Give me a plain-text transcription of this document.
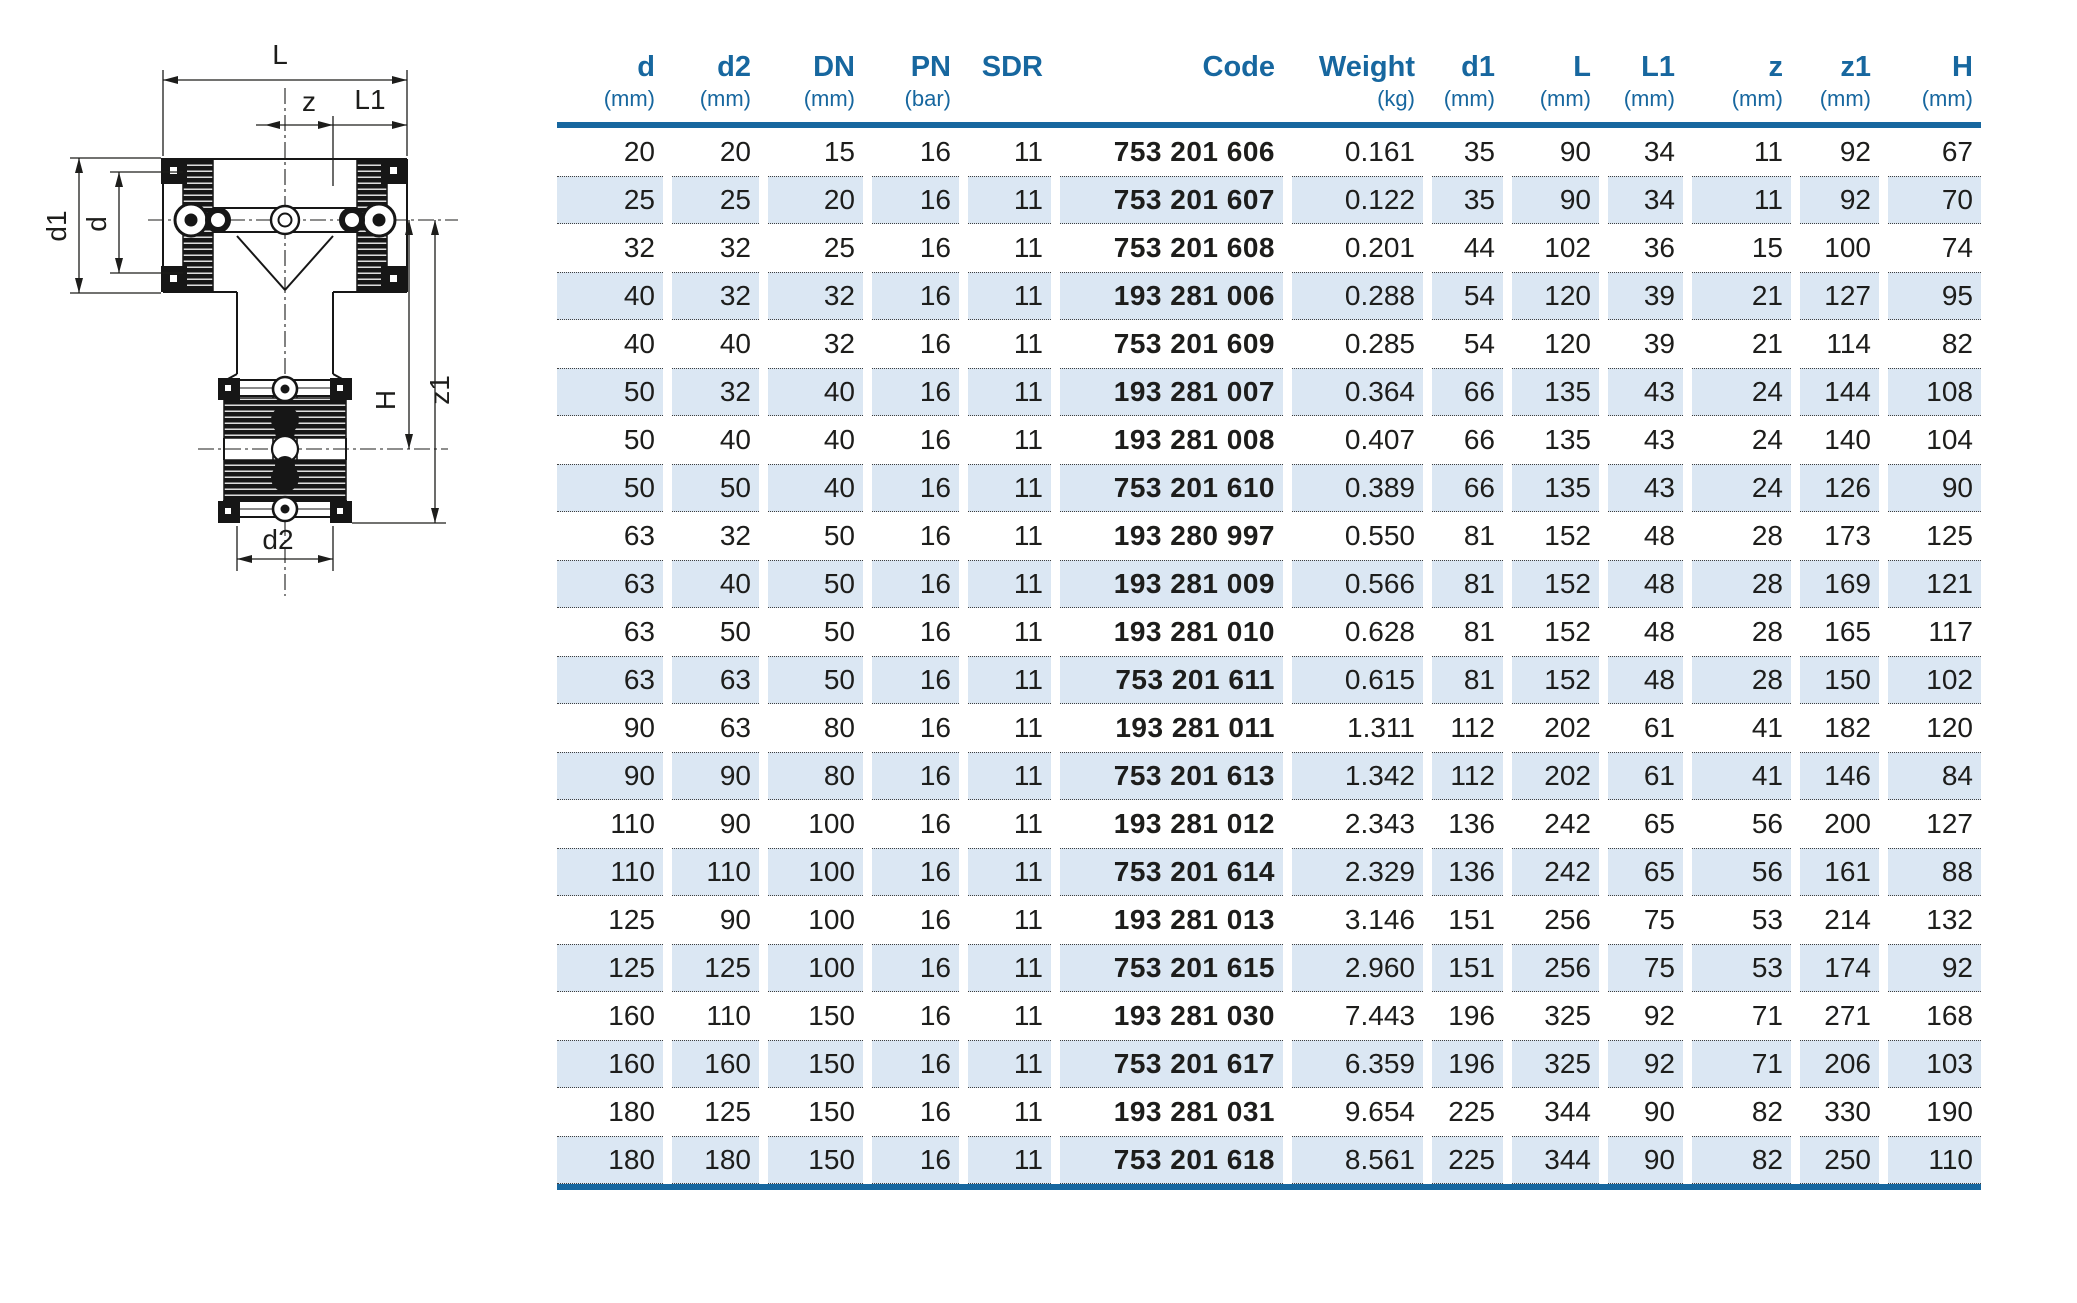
L
z L1
d1 d
H z1
d2
d	d2	DN	PN	SDR	Code	Weight	d1	L	L1	z	z1	H
(mm)	(mm)	(mm)	(bar)			(kg)	(mm)	(mm)	(mm)	(mm)	(mm)	(mm)

20	20	15	16	11	753 201 606	0.161	35	90	34	11	92	67
25	25	20	16	11	753 201 607	0.122	35	90	34	11	92	70
32	32	25	16	11	753 201 608	0.201	44	102	36	15	100	74
40	32	32	16	11	193 281 006	0.288	54	120	39	21	127	95
40	40	32	16	11	753 201 609	0.285	54	120	39	21	114	82
50	32	40	16	11	193 281 007	0.364	66	135	43	24	144	108
50	40	40	16	11	193 281 008	0.407	66	135	43	24	140	104
50	50	40	16	11	753 201 610	0.389	66	135	43	24	126	90
63	32	50	16	11	193 280 997	0.550	81	152	48	28	173	125
63	40	50	16	11	193 281 009	0.566	81	152	48	28	169	121
63	50	50	16	11	193 281 010	0.628	81	152	48	28	165	117
63	63	50	16	11	753 201 611	0.615	81	152	48	28	150	102
90	63	80	16	11	193 281 011	1.311	112	202	61	41	182	120
90	90	80	16	11	753 201 613	1.342	112	202	61	41	146	84
110	90	100	16	11	193 281 012	2.343	136	242	65	56	200	127
110	110	100	16	11	753 201 614	2.329	136	242	65	56	161	88
125	90	100	16	11	193 281 013	3.146	151	256	75	53	214	132
125	125	100	16	11	753 201 615	2.960	151	256	75	53	174	92
160	110	150	16	11	193 281 030	7.443	196	325	92	71	271	168
160	160	150	16	11	753 201 617	6.359	196	325	92	71	206	103
180	125	150	16	11	193 281 031	9.654	225	344	90	82	330	190
180	180	150	16	11	753 201 618	8.561	225	344	90	82	250	110
